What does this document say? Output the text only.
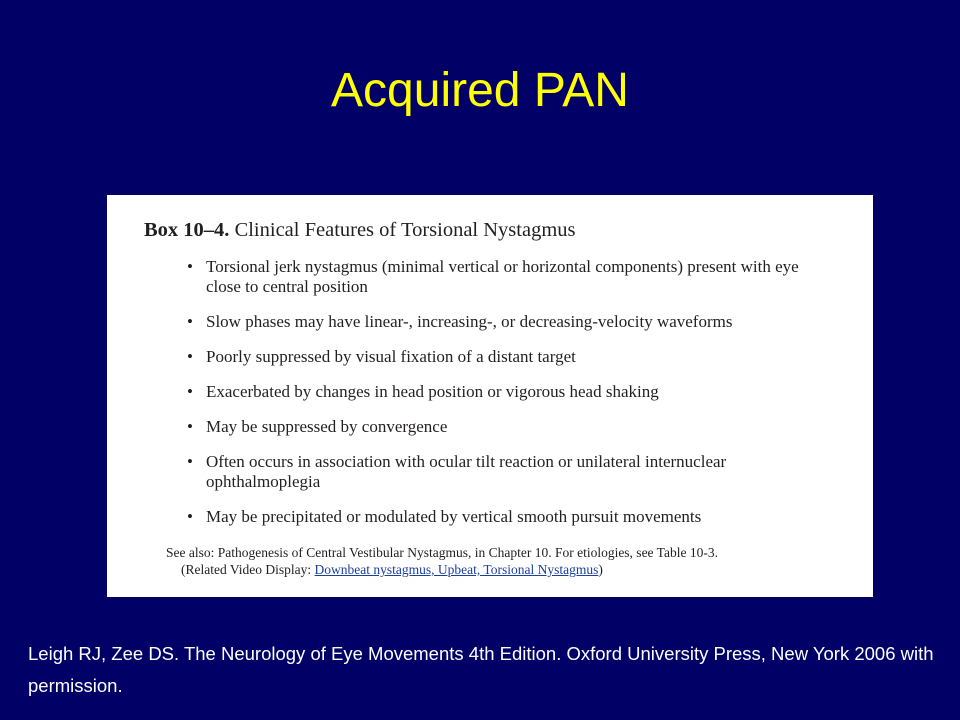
Acquired PAN
Box 10–4. Clinical Features of Torsional Nystagmus
• Torsional jerk nystagmus (minimal vertical or horizontal components) present with eye close to central position
• Slow phases may have linear-, increasing-, or decreasing-velocity waveforms
• Poorly suppressed by visual fixation of a distant target
• Exacerbated by changes in head position or vigorous head shaking
• May be suppressed by convergence
• Often occurs in association with ocular tilt reaction or unilateral internuclear ophthalmoplegia
• May be precipitated or modulated by vertical smooth pursuit movements
See also: Pathogenesis of Central Vestibular Nystagmus, in Chapter 10. For etiologies, see Table 10-3.
(Related Video Display: Downbeat nystagmus, Upbeat, Torsional Nystagmus)

Leigh RJ, Zee DS. The Neurology of Eye Movements 4th Edition. Oxford University Press, New York 2006 with permission.
